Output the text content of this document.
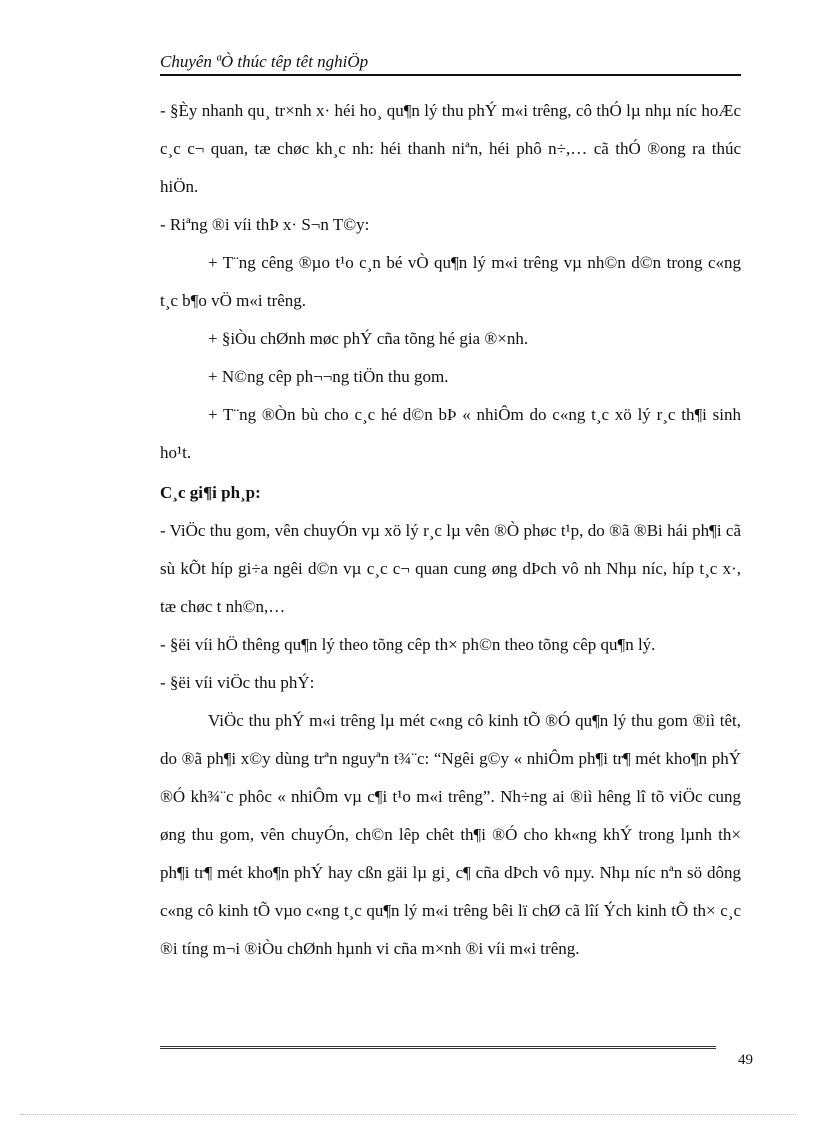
Chuyên ªÒ thúc têp têt nghiÖp

- §Èy nhanh qu¸ tr×nh x· héi ho¸ qu¶n lý thu phÝ m«i trêng, cô thÓ lµ nhµ níc hoÆc c¸c c¬ quan, tæ chøc kh¸c nh: héi thanh niªn, héi phô n÷,… cã thÓ ®ong ra thúc hiÖn.

- Riªng ®i víi thÞ x· S¬n T©y:

+ T¨ng cêng ®µo t¹o c¸n bé vÒ qu¶n lý m«i trêng vµ nh©n d©n trong c«ng t¸c b¶o vÖ m«i trêng.

+ §iÒu chØnh møc phÝ cña tõng hé gia ®×nh.

+ N©ng cêp ph¬¬ng tiÖn thu gom.

+ T¨ng ®Òn bù cho c¸c hé d©n bÞ « nhiÔm do c«ng t¸c xö lý r¸c th¶i sinh ho¹t.

C¸c gi¶i ph¸p:

- ViÖc thu gom, vên chuyÓn vµ xö lý r¸c lµ vên ®Ò phøc t¹p, do ®ã ®Bi hái ph¶i cã sù kÕt híp gi÷a ngêi d©n vµ c¸c c¬ quan cung øng dÞch vô nh Nhµ níc, híp t¸c x·, tæ chøc t nh©n,…

- §ëi víi hÖ thêng qu¶n lý theo tõng cêp th× ph©n theo tõng cêp qu¶n lý.

- §ëi víi viÖc thu phÝ:

ViÖc thu phÝ m«i trêng lµ mét c«ng cô kinh tÕ ®Ó qu¶n lý thu gom ®iì têt, do ®ã ph¶i x©y dùng trªn nguyªn t¾¨c: “Ngêi g©y « nhiÔm ph¶i tr¶ mét kho¶n phÝ ®Ó kh¾¨c phôc « nhiÔm vµ c¶i t¹o m«i trêng”. Nh÷ng ai ®iì hêng lî tõ viÖc cung øng thu gom, vên chuyÓn, ch©n lêp chêt th¶i ®Ó cho kh«ng khÝ trong lµnh th× ph¶i tr¶ mét kho¶n phÝ hay cßn gäi lµ gi¸ c¶ cña dÞch vô nµy. Nhµ níc nªn sö dông c«ng cô kinh tÕ vµo c«ng t¸c qu¶n lý m«i trêng bêi lï chØ cã lîí Ých kinh tÕ th× c¸c ®i tíng m¬i ®iÒu chØnh hµnh vi cña m×nh ®i víi m«i trêng.

49
